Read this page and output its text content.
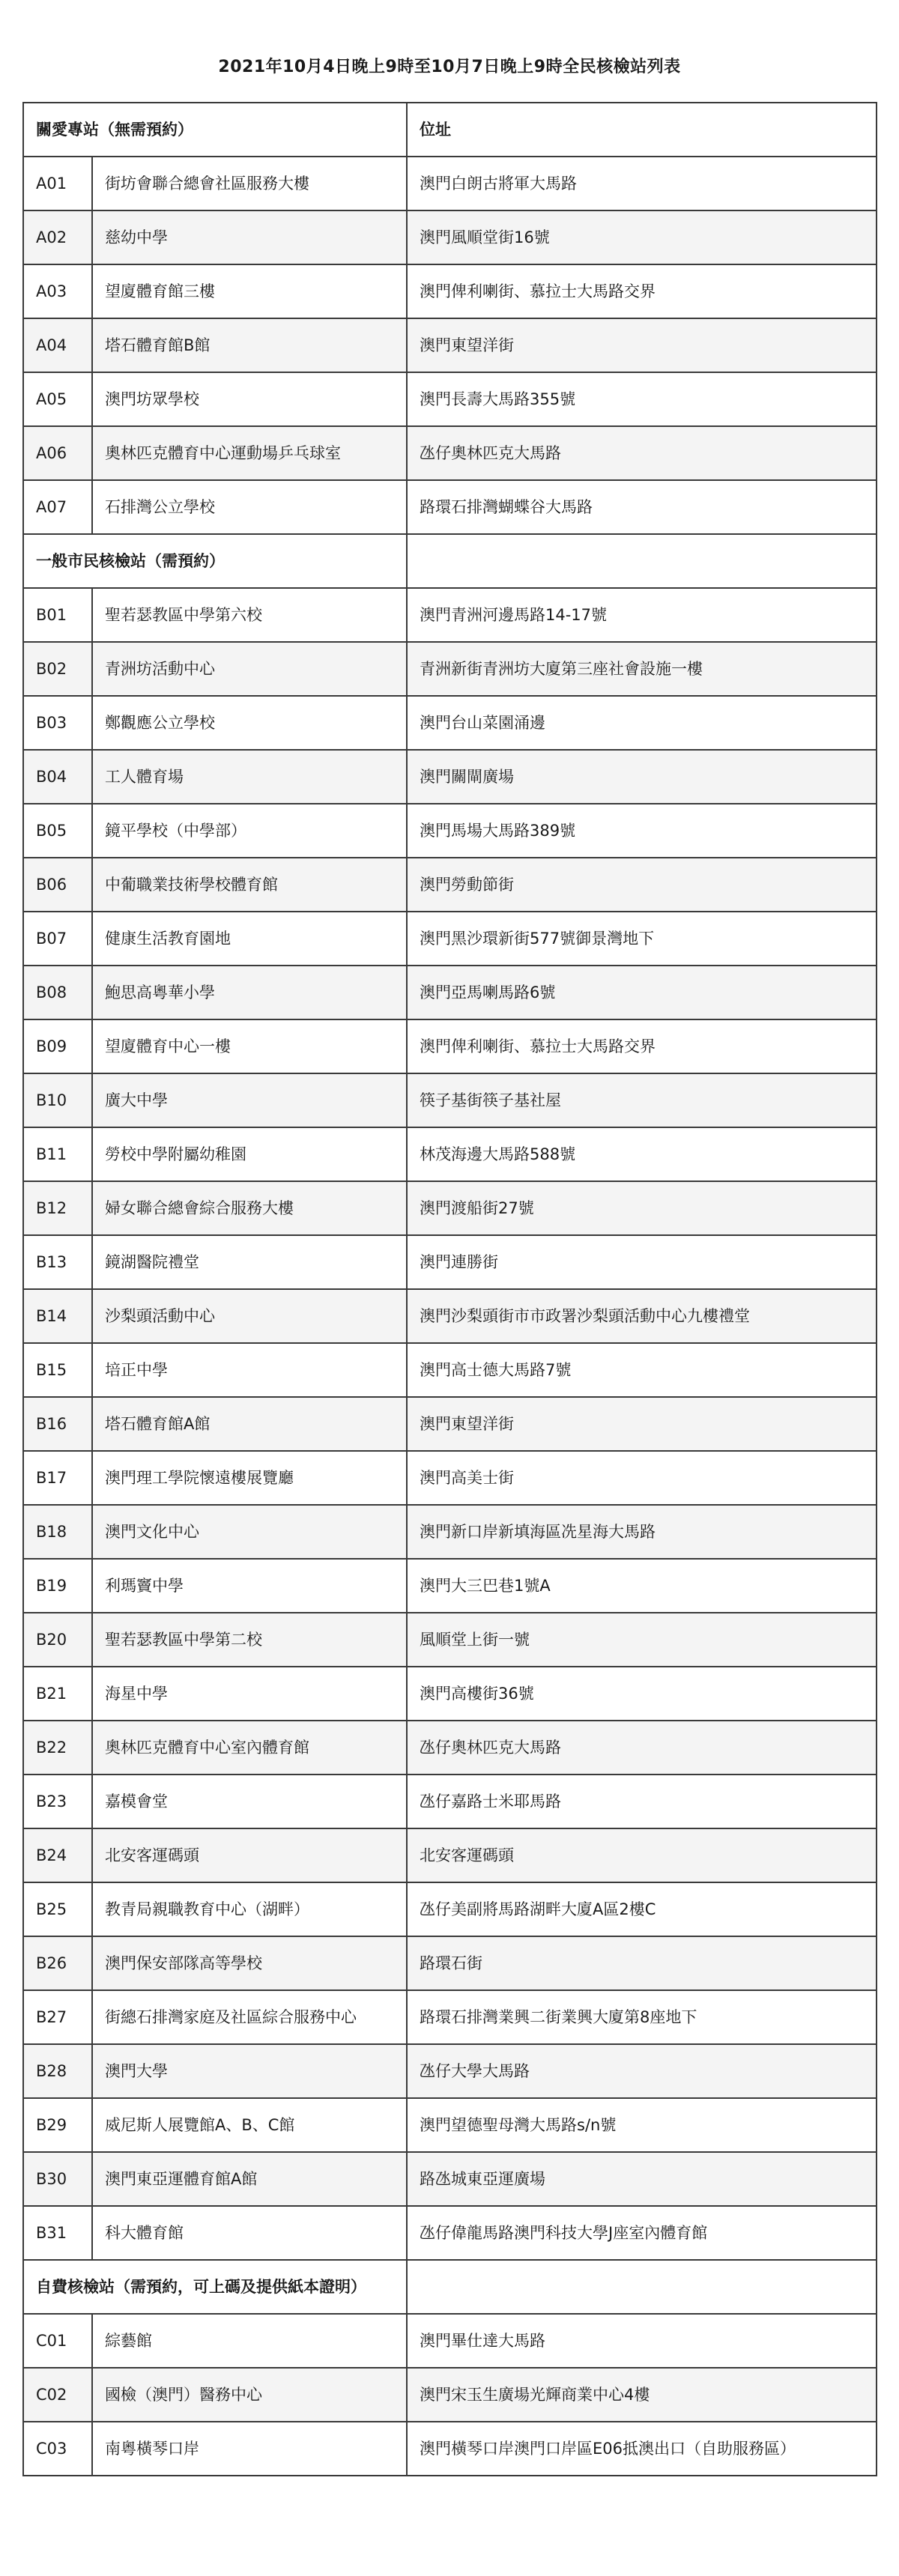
2021年10月4日晚上9時至10月7日晚上9時全民核檢站列表
關愛專站（無需預約）		位址
A01	街坊會聯合總會社區服務大樓	澳門白朗古將軍大馬路
A02	慈幼中學	澳門風順堂街16號
A03	望廈體育館三樓	澳門俾利喇街、慕拉士大馬路交界
A04	塔石體育館B館	澳門東望洋街
A05	澳門坊眾學校	澳門長壽大馬路355號
A06	奧林匹克體育中心運動場乒乓球室	氹仔奧林匹克大馬路
A07	石排灣公立學校	路環石排灣蝴蝶谷大馬路
一般市民核檢站（需預約）		
B01	聖若瑟教區中學第六校	澳門青洲河邊馬路14-17號
B02	青洲坊活動中心	青洲新街青洲坊大廈第三座社會設施一樓
B03	鄭觀應公立學校	澳門台山菜園涌邊
B04	工人體育場	澳門關閘廣場
B05	鏡平學校（中學部）	澳門馬場大馬路389號
B06	中葡職業技術學校體育館	澳門勞動節街
B07	健康生活教育園地	澳門黑沙環新街577號御景灣地下
B08	鮑思高粵華小學	澳門亞馬喇馬路6號
B09	望廈體育中心一樓	澳門俾利喇街、慕拉士大馬路交界
B10	廣大中學	筷子基街筷子基社屋
B11	勞校中學附屬幼稚園	林茂海邊大馬路588號
B12	婦女聯合總會綜合服務大樓	澳門渡船街27號
B13	鏡湖醫院禮堂	澳門連勝街
B14	沙梨頭活動中心	澳門沙梨頭街市市政署沙梨頭活動中心九樓禮堂
B15	培正中學	澳門高士德大馬路7號
B16	塔石體育館A館	澳門東望洋街
B17	澳門理工學院懷遠樓展覽廳	澳門高美士街
B18	澳門文化中心	澳門新口岸新填海區冼星海大馬路
B19	利瑪竇中學	澳門大三巴巷1號A
B20	聖若瑟教區中學第二校	風順堂上街一號
B21	海星中學	澳門高樓街36號
B22	奧林匹克體育中心室內體育館	氹仔奧林匹克大馬路
B23	嘉模會堂	氹仔嘉路士米耶馬路
B24	北安客運碼頭	北安客運碼頭
B25	教青局親職教育中心（湖畔）	氹仔美副將馬路湖畔大廈A區2樓C
B26	澳門保安部隊高等學校	路環石街
B27	街總石排灣家庭及社區綜合服務中心	路環石排灣業興二街業興大廈第8座地下
B28	澳門大學	氹仔大學大馬路
B29	威尼斯人展覽館A、B、C館	澳門望德聖母灣大馬路s/n號
B30	澳門東亞運體育館A館	路氹城東亞運廣場
B31	科大體育館	氹仔偉龍馬路澳門科技大學J座室內體育館
自費核檢站（需預約，可上碼及提供紙本證明）		
C01	綜藝館	澳門畢仕達大馬路
C02	國檢（澳門）醫務中心	澳門宋玉生廣場光輝商業中心4樓
C03	南粵橫琴口岸	澳門橫琴口岸澳門口岸區E06抵澳出口（自助服務區）
